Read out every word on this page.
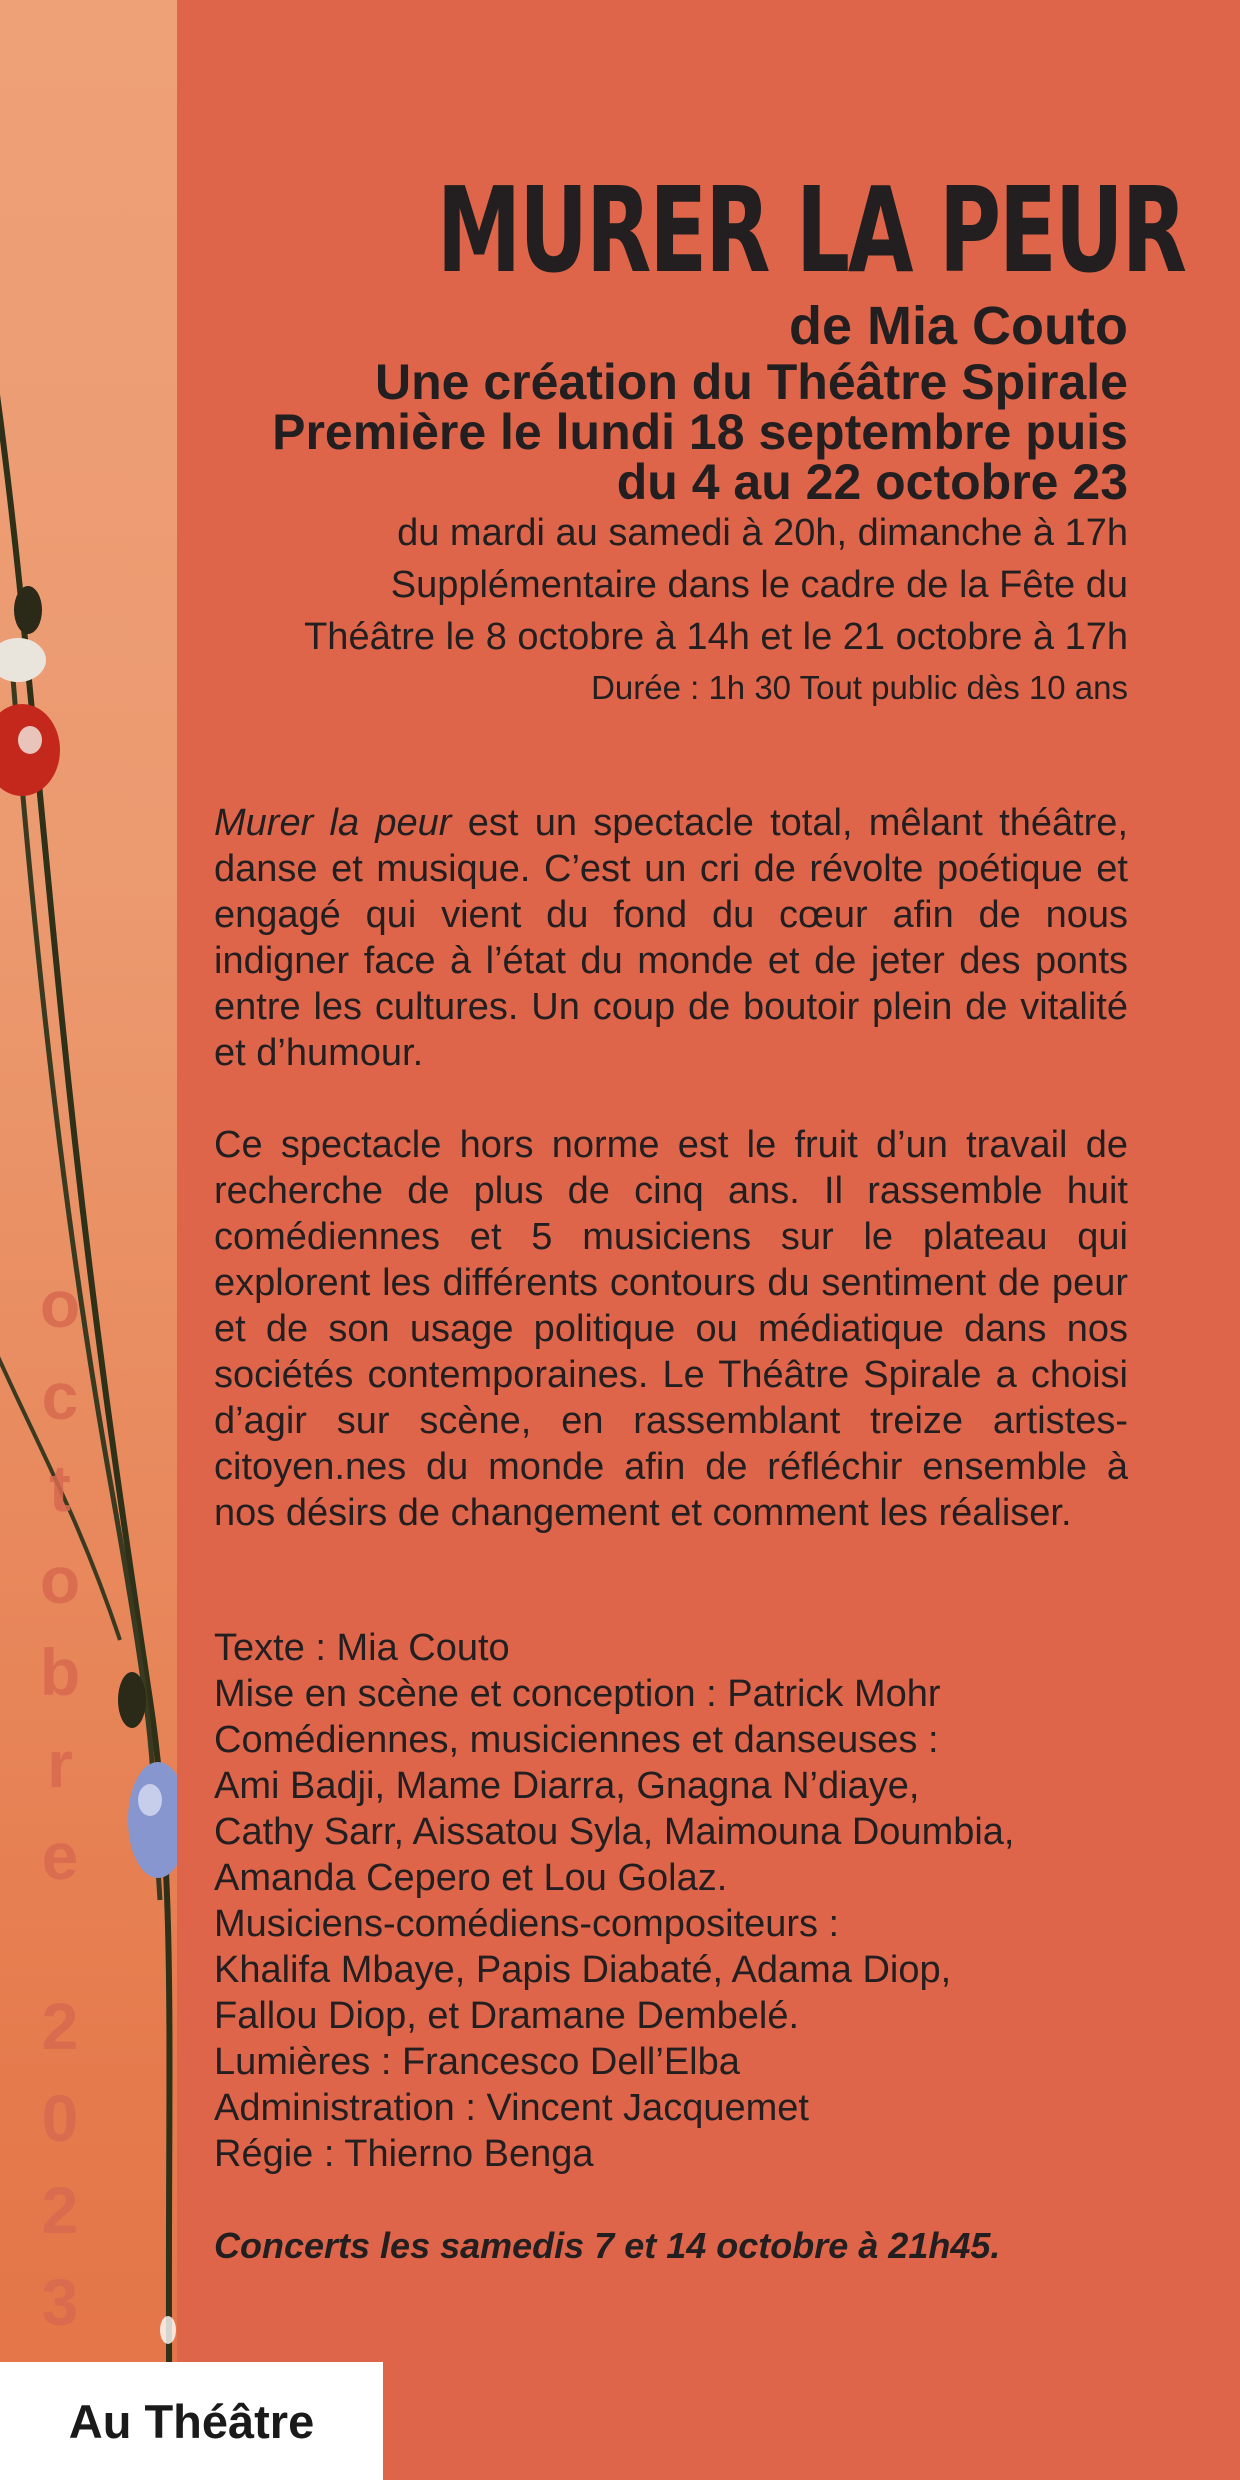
o
c
t
o
b
r
e
2
0
2
3
MURER LA PEUR
de Mia Couto
Une création du Théâtre Spirale
Première le lundi 18 septembre puis
du 4 au 22 octobre 23
du mardi au samedi à 20h, dimanche à 17h
Supplémentaire dans le cadre de la Fête du
Théâtre le 8 octobre à 14h et le 21 octobre à 17h
Durée : 1h 30 Tout public dès 10 ans

Murer la peur est un spectacle total, mêlant théâtre, danse et musique. C’est un cri de révolte poétique et engagé qui vient du fond du cœur afin de nous indigner face à l’état du monde et de jeter des ponts entre les cultures. Un coup de boutoir plein de vitalité et d’humour.

Ce spectacle hors norme est le fruit d’un travail de recherche de plus de cinq ans. Il rassemble huit comédiennes et 5 musiciens sur le plateau qui explorent les différents contours du sentiment de peur et de son usage politique ou médiatique dans nos sociétés contemporaines. Le Théâtre Spirale a choisi d’agir sur scène, en rassemblant treize artistes-citoyen.nes du monde afin de réfléchir ensemble à nos désirs de changement et comment les réaliser.

Texte : Mia Couto
Mise en scène et conception : Patrick Mohr
Comédiennes, musiciennes et danseuses :
Ami Badji, Mame Diarra, Gnagna N’diaye,
Cathy Sarr, Aissatou Syla, Maimouna Doumbia,
Amanda Cepero et Lou Golaz.
Musiciens-comédiens-compositeurs :
Khalifa Mbaye, Papis Diabaté, Adama Diop,
Fallou Diop, et Dramane Dembelé.
Lumières : Francesco Dell’Elba
Administration : Vincent Jacquemet
Régie : Thierno Benga
Concerts les samedis 7 et 14 octobre à 21h45.
Au Théâtre
